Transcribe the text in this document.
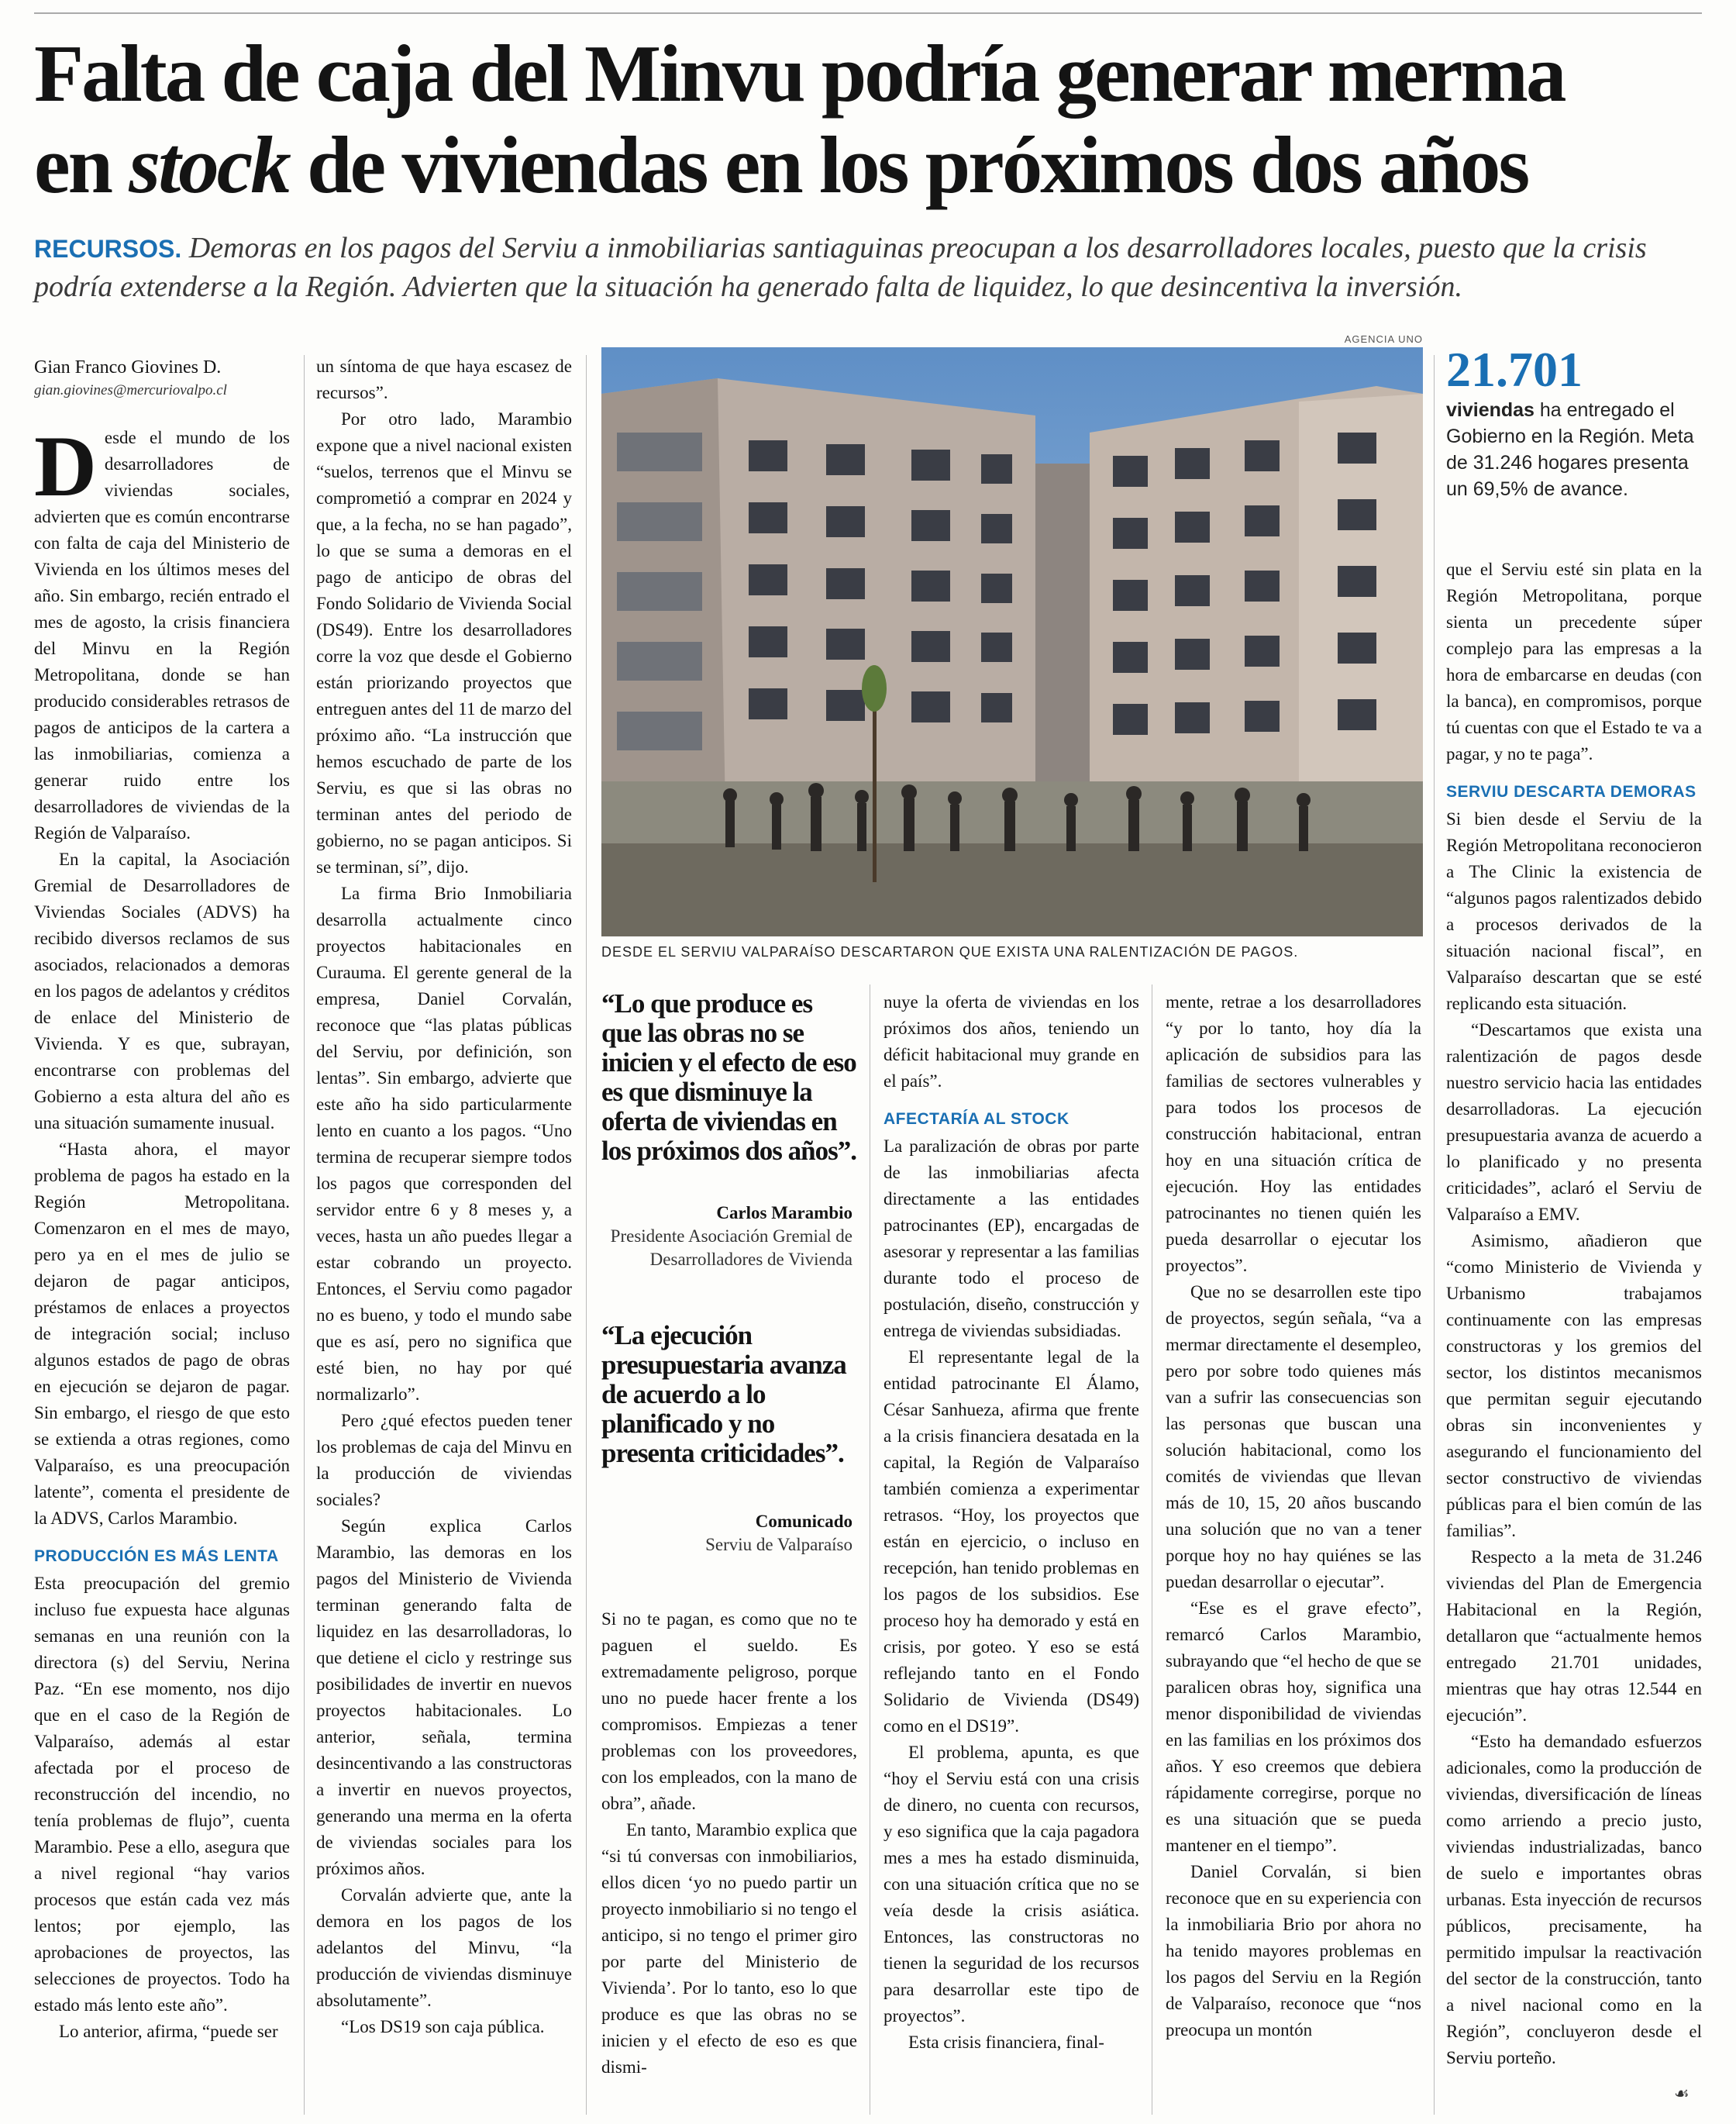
Falta de caja del Minvu podría generar merma
en stock de viviendas en los próximos dos años

RECURSOS. Demoras en los pagos del Serviu a inmobiliarias santiaguinas preocupan a los desarrolladores locales, puesto que la crisis podría extenderse a la Región. Advierten que la situación ha generado falta de liquidez, lo que desincentiva la inversión.

Gian Franco Giovines D.
gian.giovines@mercuriovalpo.cl

Desde el mundo de los desarrolladores de viviendas sociales, advierten que es común encontrarse con falta de caja del Ministerio de Vivienda en los últimos meses del año. Sin embargo, recién entrado el mes de agosto, la crisis financiera del Minvu en la Región Metropolitana, donde se han producido considerables retrasos de pagos de anticipos de la cartera a las inmobiliarias, comienza a generar ruido entre los desarrolladores de viviendas de la Región de Valparaíso.

En la capital, la Asociación Gremial de Desarrolladores de Viviendas Sociales (ADVS) ha recibido diversos reclamos de sus asociados, relacionados a demoras en los pagos de adelantos y créditos de enlace del Ministerio de Vivienda. Y es que, subrayan, encontrarse con problemas del Gobierno a esta altura del año es una situación sumamente inusual.

“Hasta ahora, el mayor problema de pagos ha estado en la Región Metropolitana. Comenzaron en el mes de mayo, pero ya en el mes de julio se dejaron de pagar anticipos, préstamos de enlaces a proyectos de integración social; incluso algunos estados de pago de obras en ejecución se dejaron de pagar. Sin embargo, el riesgo de que esto se extienda a otras regiones, como Valparaíso, es una preocupación latente”, comenta el presidente de la ADVS, Carlos Marambio.

PRODUCCIÓN ES MÁS LENTA

Esta preocupación del gremio incluso fue expuesta hace algunas semanas en una reunión con la directora (s) del Serviu, Nerina Paz. “En ese momento, nos dijo que en el caso de la Región de Valparaíso, además al estar afectada por el proceso de reconstrucción del incendio, no tenía problemas de flujo”, cuenta Marambio. Pese a ello, asegura que a nivel regional “hay varios procesos que están cada vez más lentos; por ejemplo, las aprobaciones de proyectos, las selecciones de proyectos. Todo ha estado más lento este año”.

Lo anterior, afirma, “puede ser

un síntoma de que haya escasez de recursos”.

Por otro lado, Marambio expone que a nivel nacional existen “suelos, terrenos que el Minvu se comprometió a comprar en 2024 y que, a la fecha, no se han pagado”, lo que se suma a demoras en el pago de anticipo de obras del Fondo Solidario de Vivienda Social (DS49). Entre los desarrolladores corre la voz que desde el Gobierno están priorizando proyectos que entreguen antes del 11 de marzo del próximo año. “La instrucción que hemos escuchado de parte de los Serviu, es que si las obras no terminan antes del periodo de gobierno, no se pagan anticipos. Si se terminan, sí”, dijo.

La firma Brio Inmobiliaria desarrolla actualmente cinco proyectos habitacionales en Curauma. El gerente general de la empresa, Daniel Corvalán, reconoce que “las platas públicas del Serviu, por definición, son lentas”. Sin embargo, advierte que este año ha sido particularmente lento en cuanto a los pagos. “Uno termina de recuperar siempre todos los pagos que corresponden del servidor entre 6 y 8 meses y, a veces, hasta un año puedes llegar a estar cobrando un proyecto. Entonces, el Serviu como pagador no es bueno, y todo el mundo sabe que es así, pero no significa que esté bien, no hay por qué normalizarlo”.

Pero ¿qué efectos pueden tener los problemas de caja del Minvu en la producción de viviendas sociales?

Según explica Carlos Marambio, las demoras en los pagos del Ministerio de Vivienda terminan generando falta de liquidez en las desarrolladoras, lo que detiene el ciclo y restringe sus posibilidades de invertir en nuevos proyectos habitacionales. Lo anterior, señala, termina desincentivando a las constructoras a invertir en nuevos proyectos, generando una merma en la oferta de viviendas sociales para los próximos años.

Corvalán advierte que, ante la demora en los pagos de los adelantos del Minvu, “la producción de viviendas disminuye absolutamente”.

“Los DS19 son caja pública.

AGENCIA UNO
DESDE EL SERVIU VALPARAÍSO DESCARTARON QUE EXISTA UNA RALENTIZACIÓN DE PAGOS.
21.701
viviendas ha entregado el Gobierno en la Región. Meta de 31.246 hogares presenta un 69,5% de avance.
“Lo que produce es que las obras no se inicien y el efecto de eso es que disminuye la oferta de viviendas en los próximos dos años”.
Carlos Marambio
Presidente Asociación Gremial de Desarrolladores de Vivienda
“La ejecución presupuestaria avanza de acuerdo a lo planificado y no presenta criticidades”.
Comunicado
Serviu de Valparaíso

Si no te pagan, es como que no te paguen el sueldo. Es extremadamente peligroso, porque uno no puede hacer frente a los compromisos. Empiezas a tener problemas con los proveedores, con los empleados, con la mano de obra”, añade.

En tanto, Marambio explica que “si tú conversas con inmobiliarios, ellos dicen ‘yo no puedo partir un proyecto inmobiliario si no tengo el anticipo, si no tengo el primer giro por parte del Ministerio de Vivienda’. Por lo tanto, eso lo que produce es que las obras no se inicien y el efecto de eso es que dismi-

nuye la oferta de viviendas en los próximos dos años, teniendo un déficit habitacional muy grande en el país”.

AFECTARÍA AL STOCK

La paralización de obras por parte de las inmobiliarias afecta directamente a las entidades patrocinantes (EP), encargadas de asesorar y representar a las familias durante todo el proceso de postulación, diseño, construcción y entrega de viviendas subsidiadas.

El representante legal de la entidad patrocinante El Álamo, César Sanhueza, afirma que frente a la crisis financiera desatada en la capital, la Región de Valparaíso también comienza a experimentar retrasos. “Hoy, los proyectos que están en ejercicio, o incluso en recepción, han tenido problemas en los pagos de los subsidios. Ese proceso hoy ha demorado y está en crisis, por goteo. Y eso se está reflejando tanto en el Fondo Solidario de Vivienda (DS49) como en el DS19”.

El problema, apunta, es que “hoy el Serviu está con una crisis de dinero, no cuenta con recursos, y eso significa que la caja pagadora mes a mes ha estado disminuida, con una situación crítica que no se veía desde la crisis asiática. Entonces, las constructoras no tienen la seguridad de los recursos para desarrollar este tipo de proyectos”.

Esta crisis financiera, final-

mente, retrae a los desarrolladores “y por lo tanto, hoy día la aplicación de subsidios para las familias de sectores vulnerables y para todos los procesos de construcción habitacional, entran hoy en una situación crítica de ejecución. Hoy las entidades patrocinantes no tienen quién les pueda desarrollar o ejecutar los proyectos”.

Que no se desarrollen este tipo de proyectos, según señala, “va a mermar directamente el desempleo, pero por sobre todo quienes más van a sufrir las consecuencias son las personas que buscan una solución habitacional, como los comités de viviendas que llevan más de 10, 15, 20 años buscando una solución que no van a tener porque hoy no hay quiénes se las puedan desarrollar o ejecutar”.

“Ese es el grave efecto”, remarcó Carlos Marambio, subrayando que “el hecho de que se paralicen obras hoy, significa una menor disponibilidad de viviendas en las familias en los próximos dos años. Y eso creemos que debiera rápidamente corregirse, porque no es una situación que se pueda mantener en el tiempo”.

Daniel Corvalán, si bien reconoce que en su experiencia con la inmobiliaria Brio por ahora no ha tenido mayores problemas en los pagos del Serviu en la Región de Valparaíso, reconoce que “nos preocupa un montón

que el Serviu esté sin plata en la Región Metropolitana, porque sienta un precedente súper complejo para las empresas a la hora de embarcarse en deudas (con la banca), en compromisos, porque tú cuentas con que el Estado te va a pagar, y no te paga”.

SERVIU DESCARTA DEMORAS

Si bien desde el Serviu de la Región Metropolitana reconocieron a The Clinic la existencia de “algunos pagos ralentizados debido a procesos derivados de la situación nacional fiscal”, en Valparaíso descartan que se esté replicando esta situación.

“Descartamos que exista una ralentización de pagos desde nuestro servicio hacia las entidades desarrolladoras. La ejecución presupuestaria avanza de acuerdo a lo planificado y no presenta criticidades”, aclaró el Serviu de Valparaíso a EMV.

Asimismo, añadieron que “como Ministerio de Vivienda y Urbanismo trabajamos continuamente con las empresas constructoras y los gremios del sector, los distintos mecanismos que permitan seguir ejecutando obras sin inconvenientes y asegurando el funcionamiento del sector constructivo de viviendas públicas para el bien común de las familias”.

Respecto a la meta de 31.246 viviendas del Plan de Emergencia Habitacional en la Región, detallaron que “actualmente hemos entregado 21.701 unidades, mientras que hay otras 12.544 en ejecución”.

“Esto ha demandado esfuerzos adicionales, como la producción de viviendas, diversificación de líneas como arriendo a precio justo, viviendas industrializadas, banco de suelo e importantes obras urbanas. Esta inyección de recursos públicos, precisamente, ha permitido impulsar la reactivación del sector de la construcción, tanto a nivel nacional como en la Región”, concluyeron desde el Serviu porteño.

☙
